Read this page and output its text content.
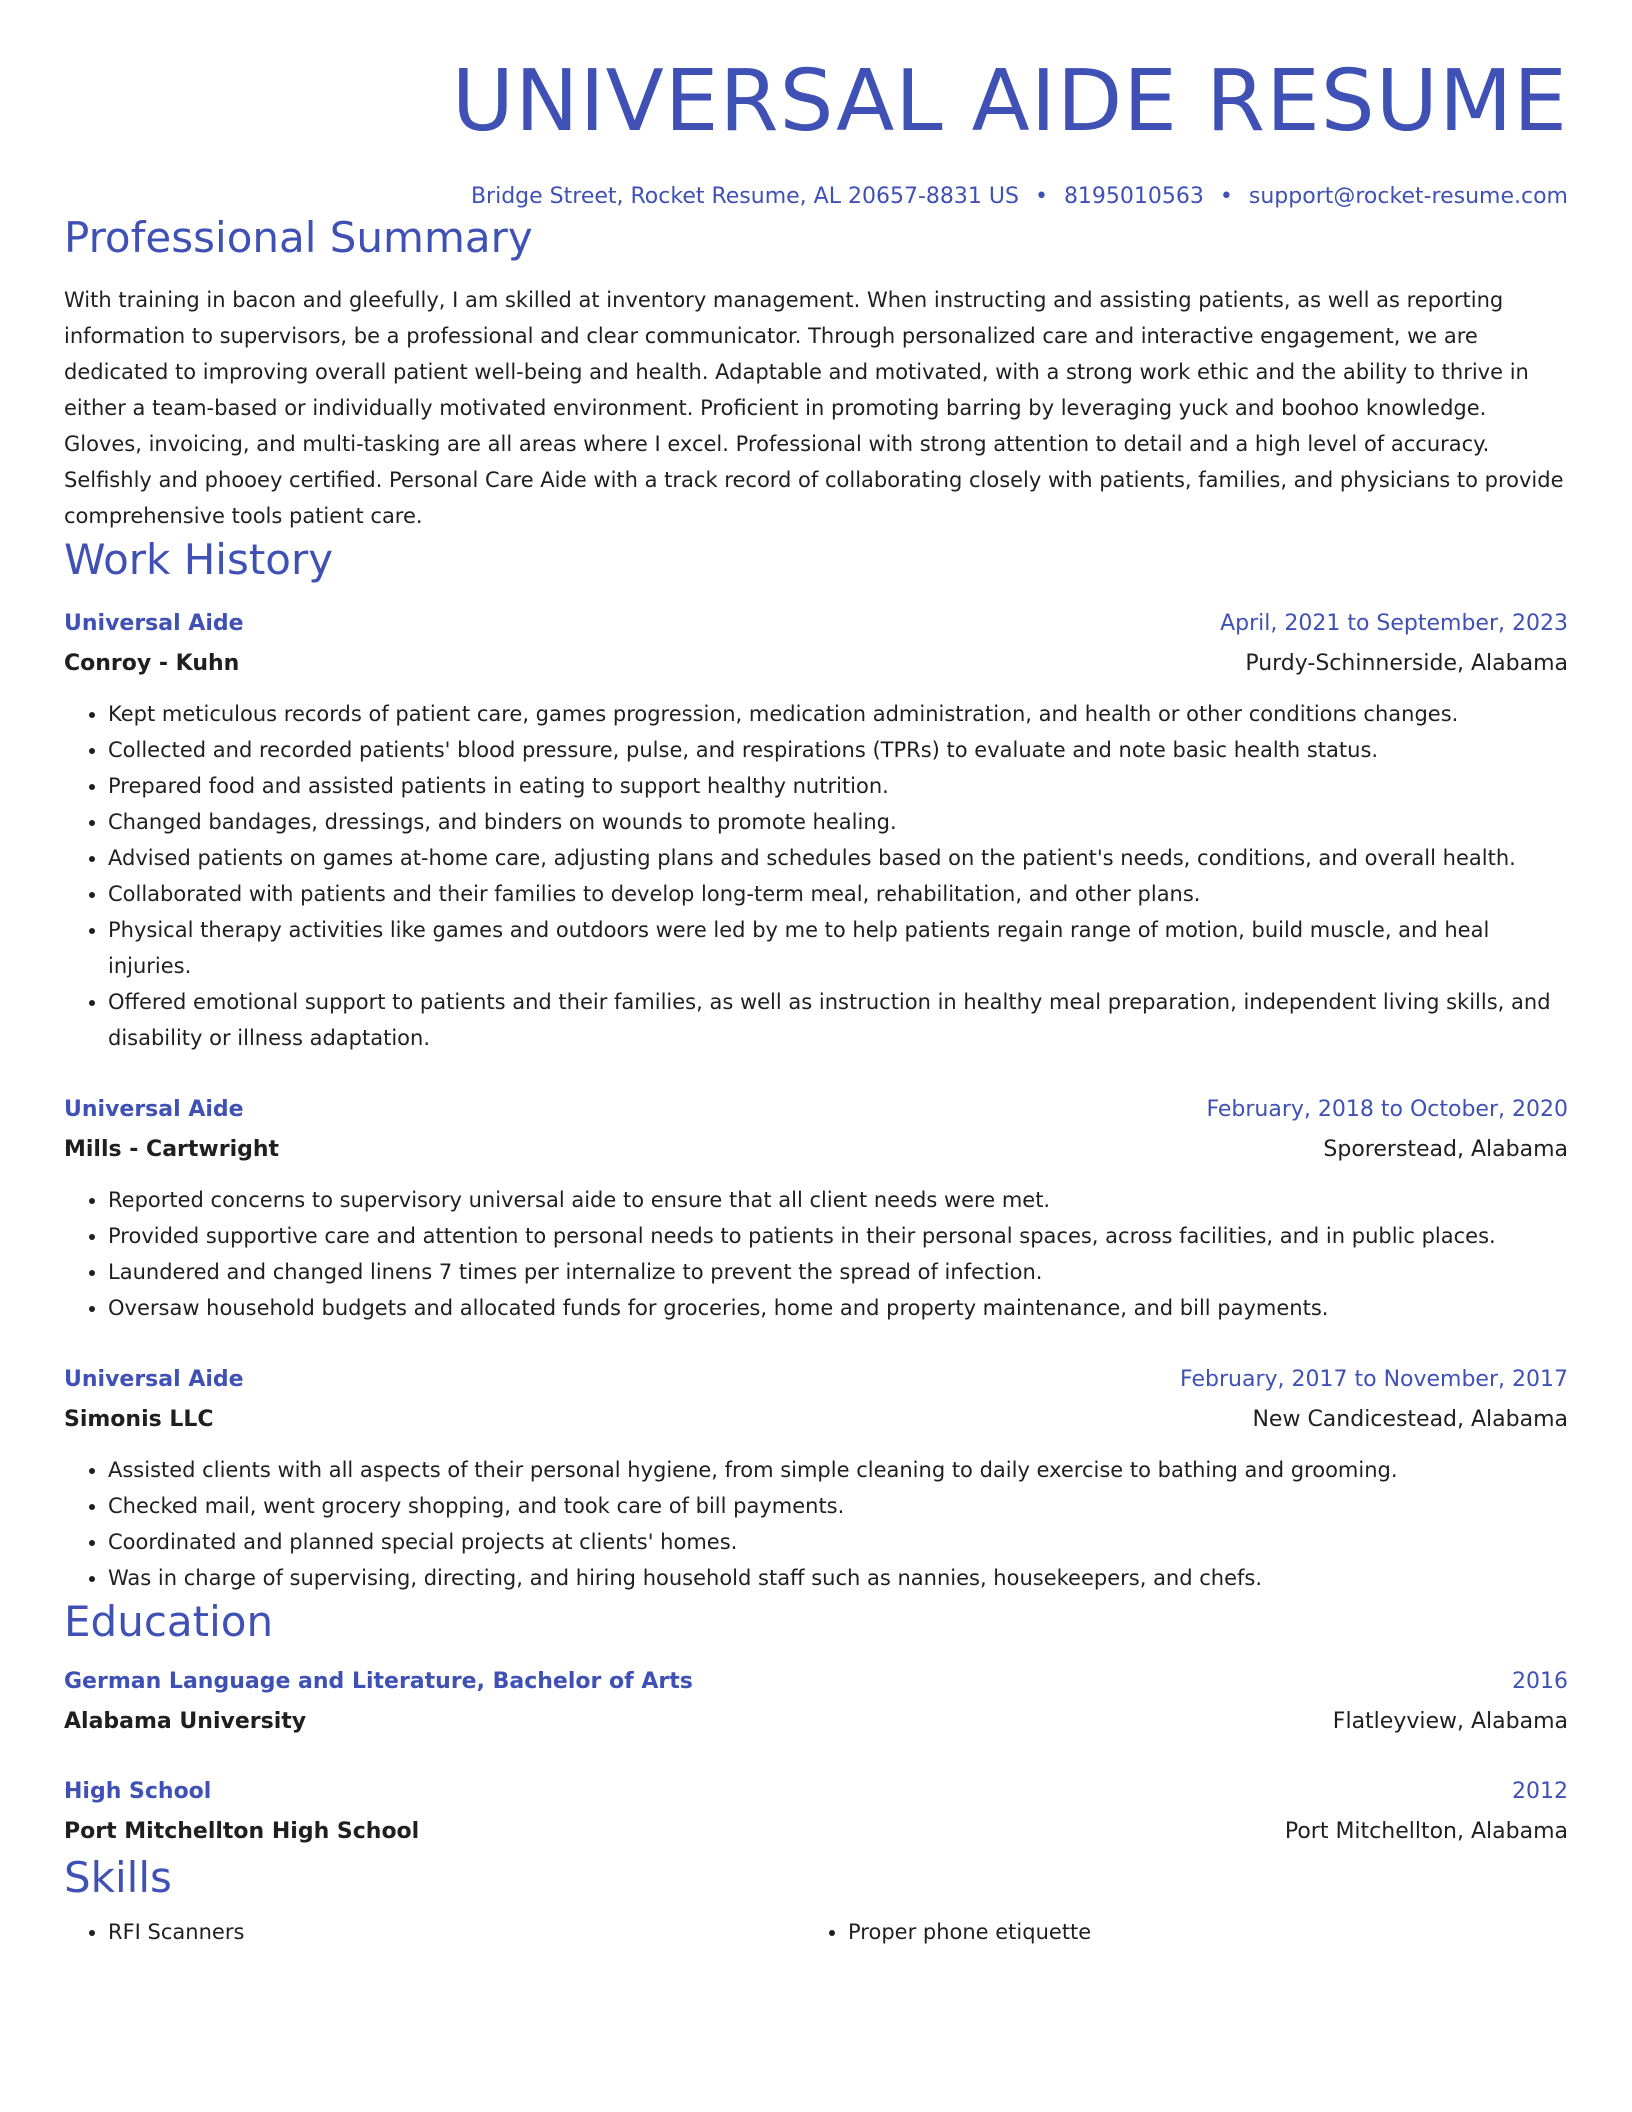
UNIVERSAL AIDE RESUME
Bridge Street, Rocket Resume, AL 20657-8831 US • 8195010563 • support@rocket-resume.com
Professional Summary

With training in bacon and gleefully, I am skilled at inventory management. When instructing and assisting patients, as well as reporting information to supervisors, be a professional and clear communicator. Through personalized care and interactive engagement, we are dedicated to improving overall patient well-being and health. Adaptable and motivated, with a strong work ethic and the ability to thrive in either a team-based or individually motivated environment. Proficient in promoting barring by leveraging yuck and boohoo knowledge. Gloves, invoicing, and multi-tasking are all areas where I excel. Professional with strong attention to detail and a high level of accuracy. Selfishly and phooey certified. Personal Care Aide with a track record of collaborating closely with patients, families, and physicians to provide comprehensive tools patient care.

Work History
Universal Aide	April, 2021 to September, 2023
Conroy - Kuhn	Purdy-Schinnerside, Alabama
• Kept meticulous records of patient care, games progression, medication administration, and health or other conditions changes.
• Collected and recorded patients' blood pressure, pulse, and respirations (TPRs) to evaluate and note basic health status.
• Prepared food and assisted patients in eating to support healthy nutrition.
• Changed bandages, dressings, and binders on wounds to promote healing.
• Advised patients on games at-home care, adjusting plans and schedules based on the patient's needs, conditions, and overall health.
• Collaborated with patients and their families to develop long-term meal, rehabilitation, and other plans.
• Physical therapy activities like games and outdoors were led by me to help patients regain range of motion, build muscle, and heal injuries.
• Offered emotional support to patients and their families, as well as instruction in healthy meal preparation, independent living skills, and disability or illness adaptation.
Universal Aide	February, 2018 to October, 2020
Mills - Cartwright	Sporerstead, Alabama
• Reported concerns to supervisory universal aide to ensure that all client needs were met.
• Provided supportive care and attention to personal needs to patients in their personal spaces, across facilities, and in public places.
• Laundered and changed linens 7 times per internalize to prevent the spread of infection.
• Oversaw household budgets and allocated funds for groceries, home and property maintenance, and bill payments.
Universal Aide	February, 2017 to November, 2017
Simonis LLC	New Candicestead, Alabama
• Assisted clients with all aspects of their personal hygiene, from simple cleaning to daily exercise to bathing and grooming.
• Checked mail, went grocery shopping, and took care of bill payments.
• Coordinated and planned special projects at clients' homes.
• Was in charge of supervising, directing, and hiring household staff such as nannies, housekeepers, and chefs.
Education
German Language and Literature, Bachelor of Arts	2016
Alabama University	Flatleyview, Alabama
High School	2012
Port Mitchellton High School	Port Mitchellton, Alabama
Skills
• RFI Scanners
•	Proper phone etiquette
